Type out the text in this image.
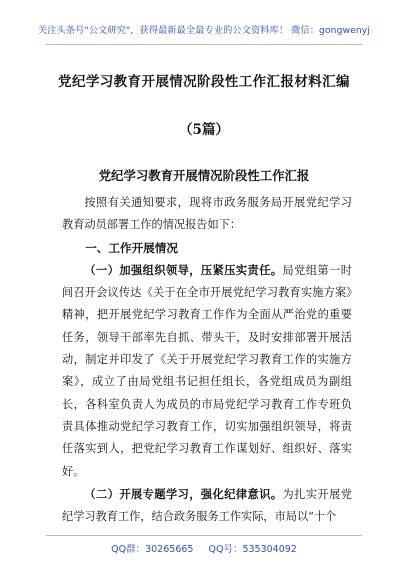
关注头条号"公文研究"，获得最新最全最专业的公文资料库！ 微信：gongwenyj
党纪学习教育开展情况阶段性工作汇报材料汇编
（5篇）
党纪学习教育开展情况阶段性工作汇报

按照有关通知要求，现将市政务服务局开展党纪学习教育动员部署工作的情况报告如下：

一、工作开展情况

（一）加强组织领导，压紧压实责任。局党组第一时间召开会议传达《关于在全市开展党纪学习教育实施方案》精神，把开展党纪学习教育工作作为全面从严治党的重要任务，领导干部率先自抓、带头干，及时安排部署开展活动，制定并印发了《关于开展党纪学习教育工作的实施方案》，成立了由局党组书记担任组长，各党组成员为副组长，各科室负责人为成员的市局党纪学习教育工作专班负责具体推动党纪学习教育工作，切实加强组织领导，将责任落实到人，把党纪学习教育工作谋划好、组织好、落实好。

（二）开展专题学习，强化纪律意识。为扎实开展党纪学习教育工作，结合政务服务工作实际，市局以“十个

QQ群：30265665 QQ号：535304092
